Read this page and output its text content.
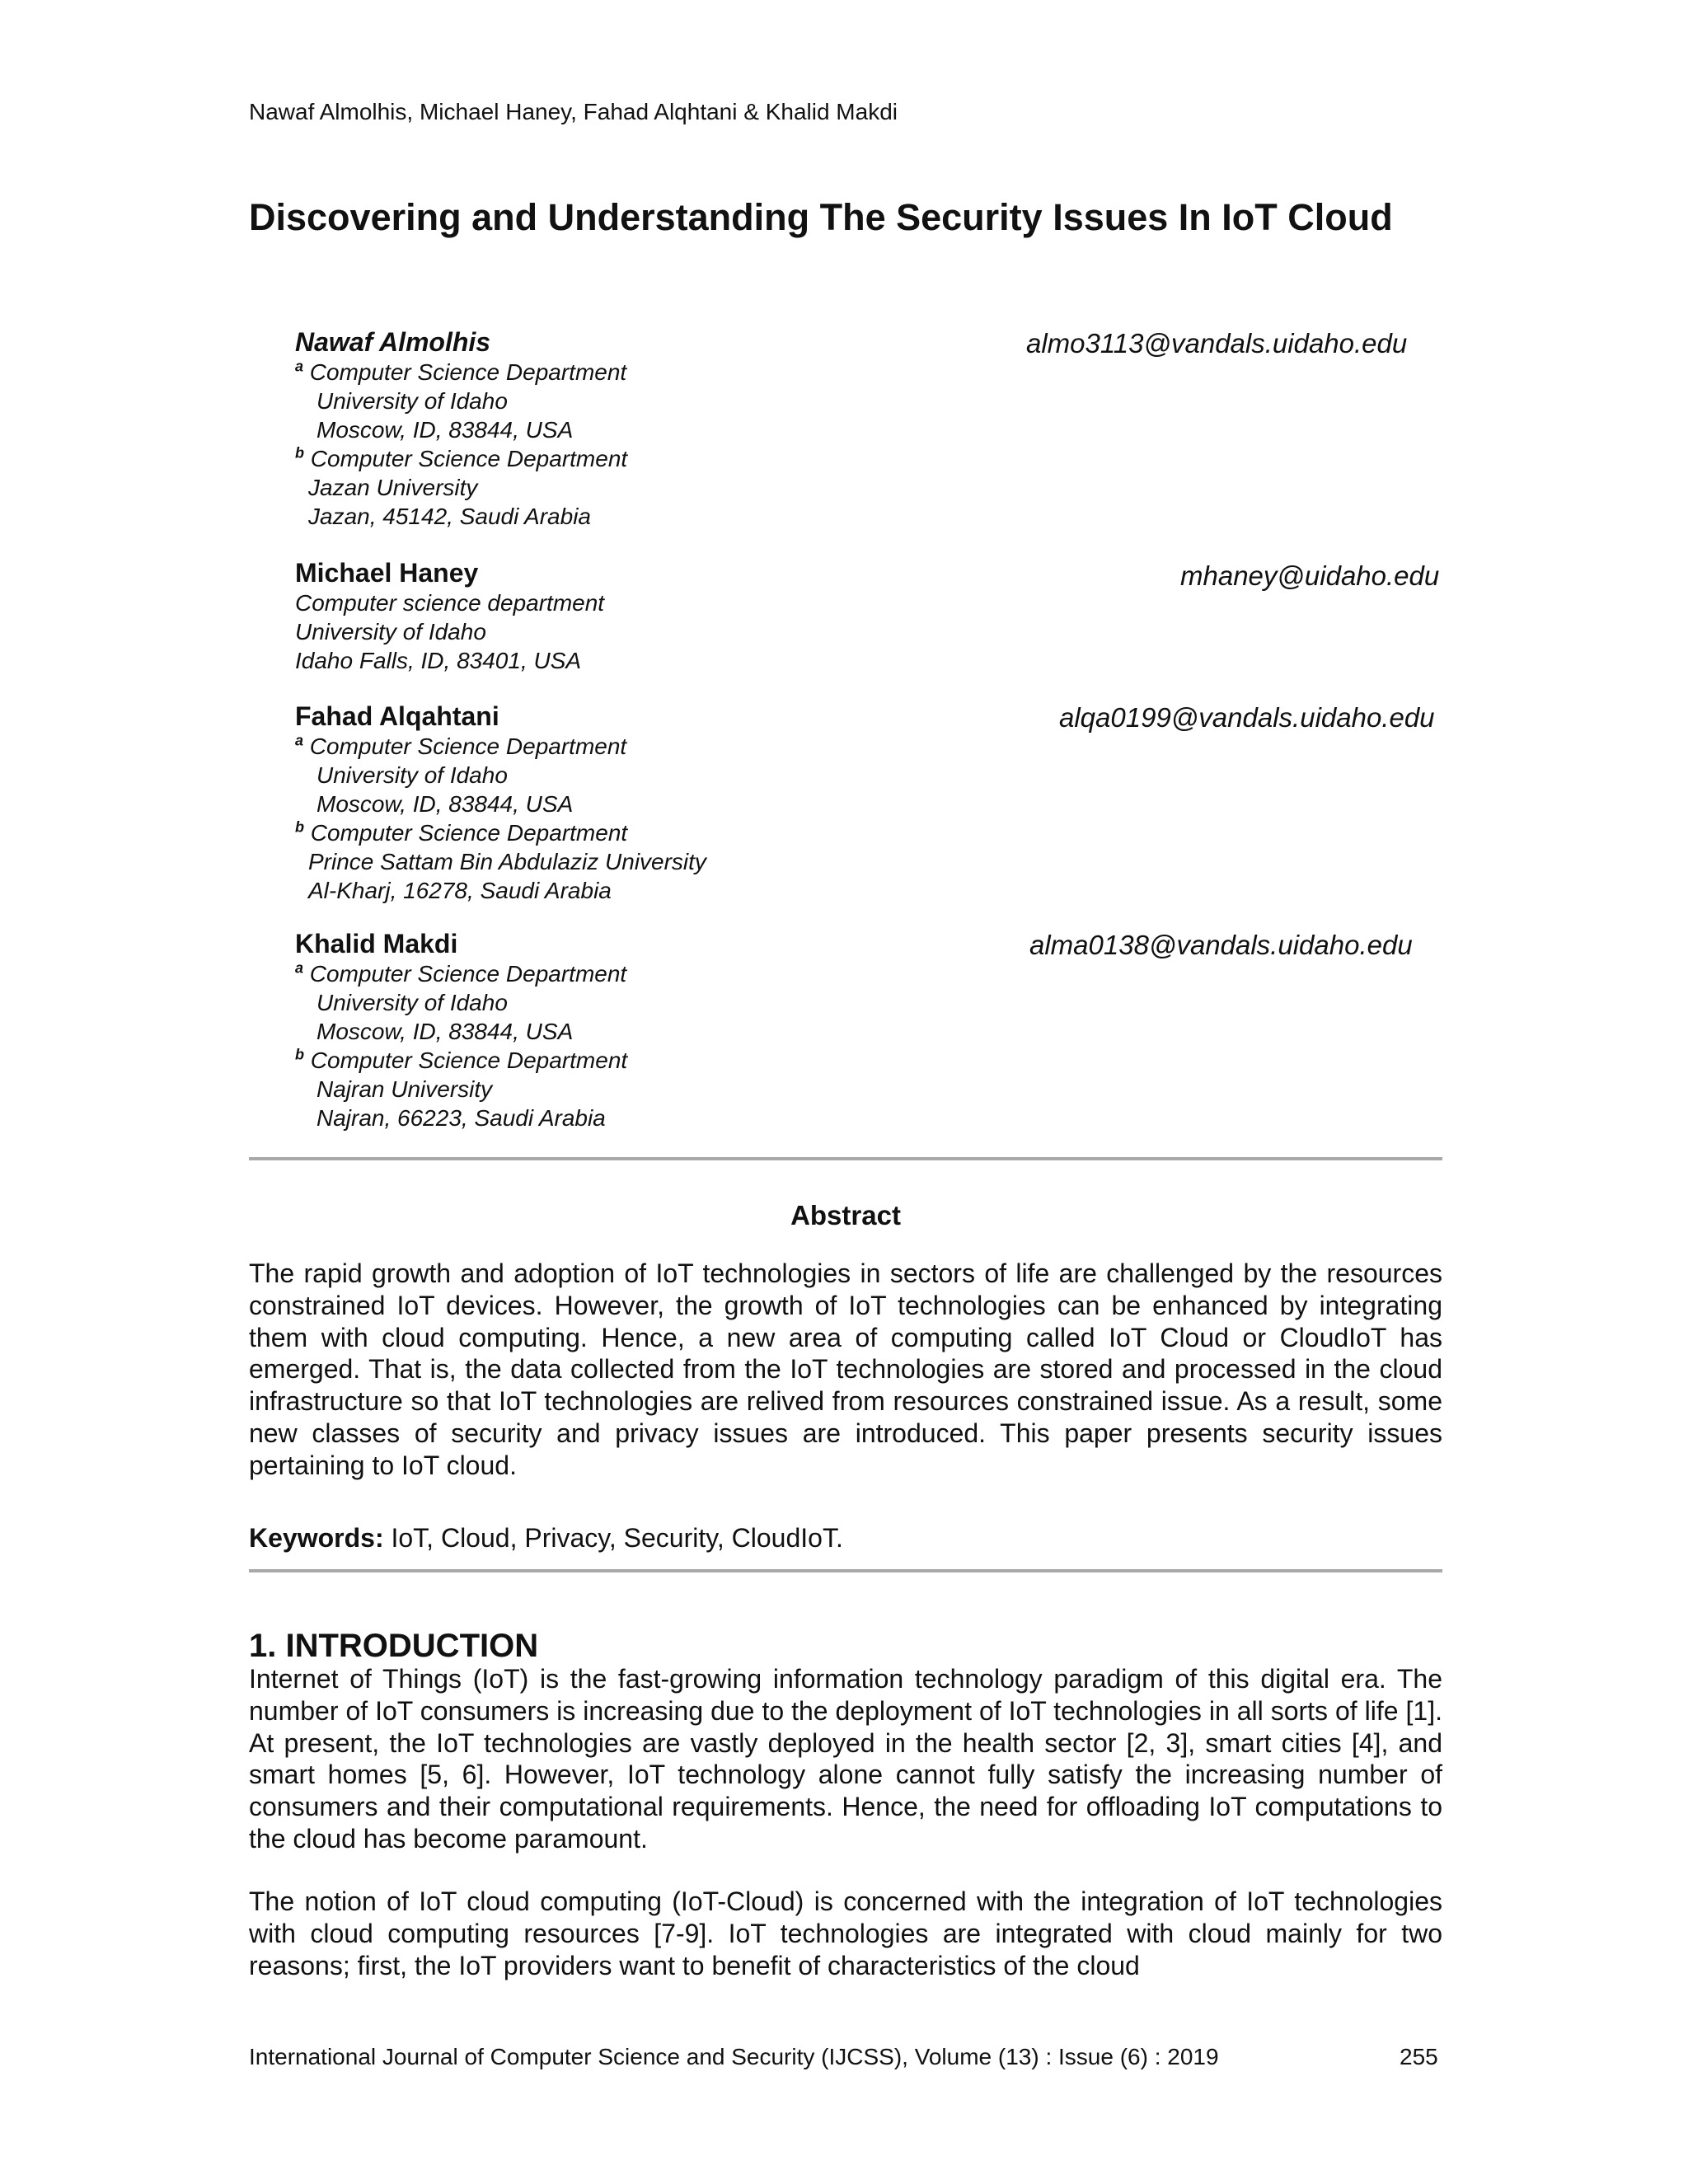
Nawaf Almolhis, Michael Haney, Fahad Alqhtani & Khalid Makdi
Discovering and Understanding The Security Issues In IoT Cloud
Nawaf Almolhis
$^a$ Computer Science Department
University of Idaho
Moscow, ID, 83844, USA
$^b$ Computer Science Department
Jazan University
Jazan, 45142, Saudi Arabia
almo3113@vandals.uidaho.edu
Michael Haney
Computer science department
University of Idaho
Idaho Falls, ID, 83401, USA
mhaney@uidaho.edu
Fahad Alqahtani
$^a$ Computer Science Department
University of Idaho
Moscow, ID, 83844, USA
$^b$ Computer Science Department
Prince Sattam Bin Abdulaziz University
Al-Kharj, 16278, Saudi Arabia
alqa0199@vandals.uidaho.edu
Khalid Makdi
$^a$ Computer Science Department
University of Idaho
Moscow, ID, 83844, USA
$^b$ Computer Science Department
Najran University
Najran, 66223, Saudi Arabia
alma0138@vandals.uidaho.edu
Abstract
The rapid growth and adoption of IoT technologies in sectors of life are challenged by the resources constrained IoT devices. However, the growth of IoT technologies can be enhanced by integrating them with cloud computing. Hence, a new area of computing called IoT Cloud or CloudIoT has emerged. That is, the data collected from the IoT technologies are stored and processed in the cloud infrastructure so that IoT technologies are relived from resources constrained issue. As a result, some new classes of security and privacy issues are introduced. This paper presents security issues pertaining to IoT cloud.
Keywords: IoT, Cloud, Privacy, Security, CloudIoT.
1. INTRODUCTION
Internet of Things (IoT) is the fast-growing information technology paradigm of this digital era. The number of IoT consumers is increasing due to the deployment of IoT technologies in all sorts of life [1]. At present, the IoT technologies are vastly deployed in the health sector [2, 3], smart cities [4], and smart homes [5, 6]. However, IoT technology alone cannot fully satisfy the increasing number of consumers and their computational requirements. Hence, the need for offloading IoT computations to the cloud has become paramount.
The notion of IoT cloud computing (IoT-Cloud) is concerned with the integration of IoT technologies with cloud computing resources [7-9]. IoT technologies are integrated with cloud mainly for two reasons; first, the IoT providers want to benefit of characteristics of the cloud
International Journal of Computer Science and Security (IJCSS), Volume (13) : Issue (6) : 2019	255
